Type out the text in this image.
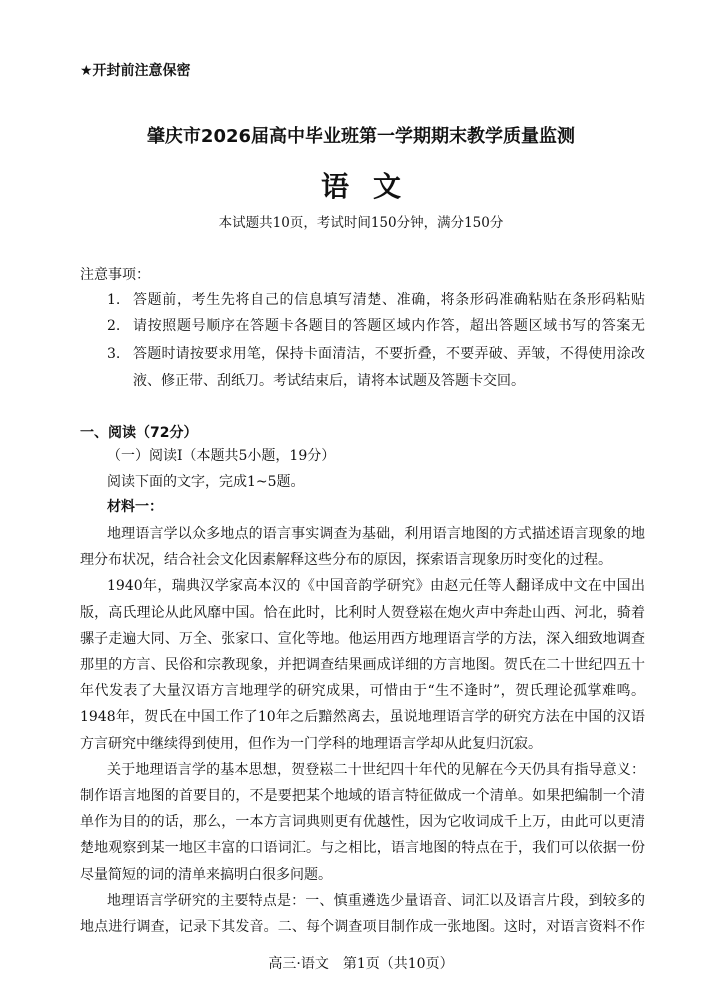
★开封前注意保密
肇庆市2026届高中毕业班第一学期期末教学质量监测
语文
本试题共10页，考试时间150分钟，满分150分
注意事项：
1. 答题前，考生先将自己的信息填写清楚、准确，将条形码准确粘贴在条形码粘贴
2. 请按照题号顺序在答题卡各题目的答题区域内作答，超出答题区域书写的答案无
3. 答题时请按要求用笔，保持卡面清洁，不要折叠，不要弄破、弄皱，不得使用涂改
液、修正带、刮纸刀。考试结束后，请将本试题及答题卡交回。
一、阅读（72分）
（一）阅读Ⅰ（本题共5小题，19分）
阅读下面的文字，完成1~5题。
材料一：
地理语言学以众多地点的语言事实调查为基础，利用语言地图的方式描述语言现象的地
理分布状况，结合社会文化因素解释这些分布的原因，探索语言现象历时变化的过程。
1940年，瑞典汉学家高本汉的《中国音韵学研究》由赵元任等人翻译成中文在中国出
版，高氏理论从此风靡中国。恰在此时，比利时人贺登崧在炮火声中奔赴山西、河北，骑着
骡子走遍大同、万全、张家口、宣化等地。他运用西方地理语言学的方法，深入细致地调查
那里的方言、民俗和宗教现象，并把调查结果画成详细的方言地图。贺氏在二十世纪四五十
年代发表了大量汉语方言地理学的研究成果，可惜由于“生不逢时”，贺氏理论孤掌难鸣。
1948年，贺氏在中国工作了10年之后黯然离去，虽说地理语言学的研究方法在中国的汉语
方言研究中继续得到使用，但作为一门学科的地理语言学却从此复归沉寂。
关于地理语言学的基本思想，贺登崧二十世纪四十年代的见解在今天仍具有指导意义：
制作语言地图的首要目的，不是要把某个地域的语言特征做成一个清单。如果把编制一个清
单作为目的的话，那么，一本方言词典则更有优越性，因为它收词成千上万，由此可以更清
楚地观察到某一地区丰富的口语词汇。与之相比，语言地图的特点在于，我们可以依据一份
尽量简短的词的清单来搞明白很多问题。
地理语言学研究的主要特点是：一、慎重遴选少量语音、词汇以及语言片段，到较多的
地点进行调查，记录下其发音。二、每个调查项目制作成一张地图。这时，对语言资料不作
高三·语文　第1页（共10页）
